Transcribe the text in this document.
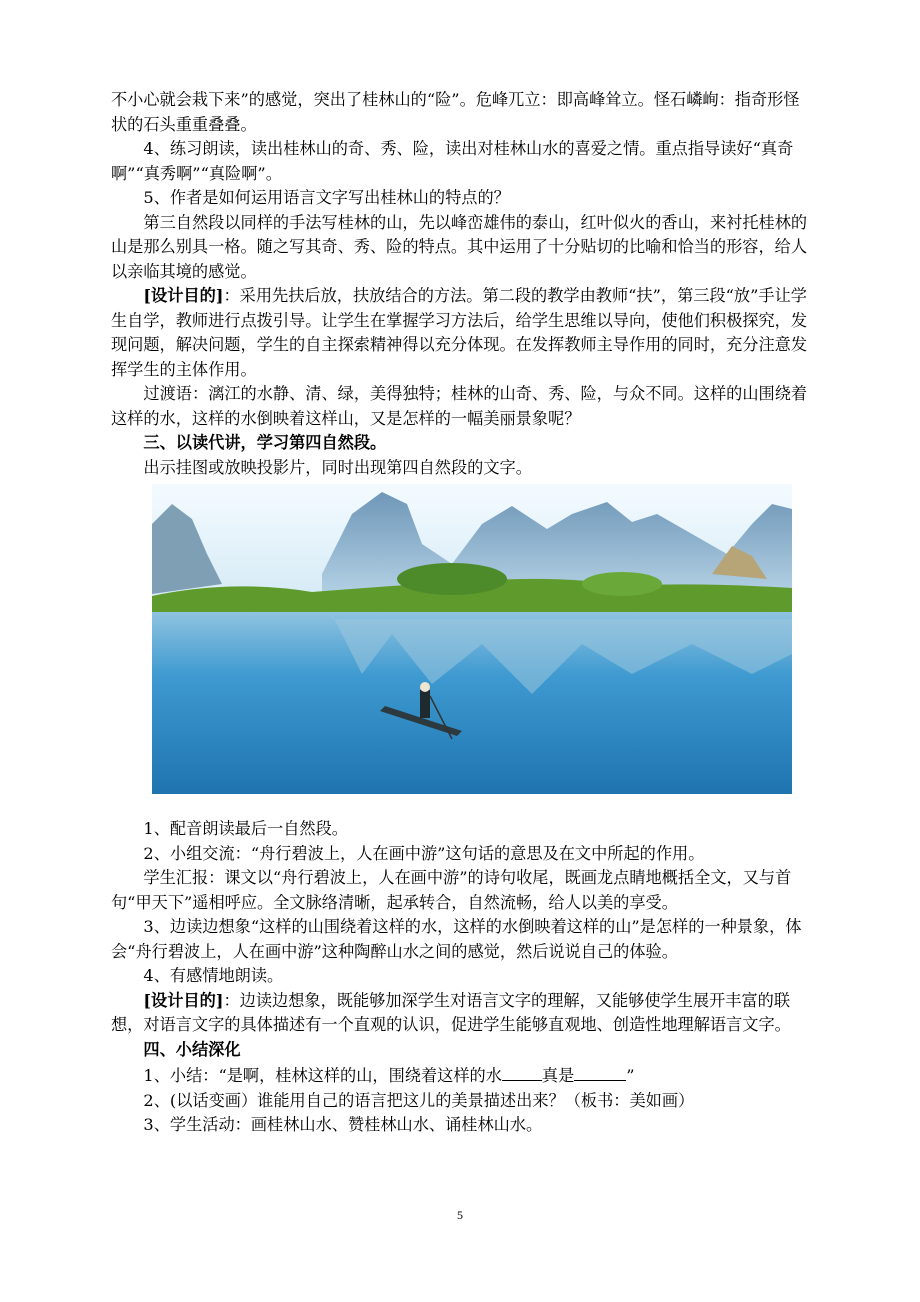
不小心就会栽下来”的感觉，突出了桂林山的“险”。危峰兀立：即高峰耸立。怪石嶙峋：指奇形怪状的石头重重叠叠。

4、练习朗读，读出桂林山的奇、秀、险，读出对桂林山水的喜爱之情。重点指导读好“真奇啊”“真秀啊”“真险啊”。

5、作者是如何运用语言文字写出桂林山的特点的？

第三自然段以同样的手法写桂林的山，先以峰峦雄伟的泰山，红叶似火的香山，来衬托桂林的山是那么别具一格。随之写其奇、秀、险的特点。其中运用了十分贴切的比喻和恰当的形容，给人以亲临其境的感觉。

[设计目的]：采用先扶后放，扶放结合的方法。第二段的教学由教师“扶”，第三段“放”手让学生自学，教师进行点拨引导。让学生在掌握学习方法后，给学生思维以导向，使他们积极探究，发现问题，解决问题，学生的自主探索精神得以充分体现。在发挥教师主导作用的同时，充分注意发挥学生的主体作用。

过渡语：漓江的水静、清、绿，美得独特；桂林的山奇、秀、险，与众不同。这样的山围绕着这样的水，这样的水倒映着这样山，又是怎样的一幅美丽景象呢？

三、以读代讲，学习第四自然段。

出示挂图或放映投影片，同时出现第四自然段的文字。

1、配音朗读最后一自然段。

2、小组交流：“舟行碧波上，人在画中游”这句话的意思及在文中所起的作用。

学生汇报：课文以“舟行碧波上，人在画中游”的诗句收尾，既画龙点睛地概括全文，又与首句“甲天下”遥相呼应。全文脉络清晰，起承转合，自然流畅，给人以美的享受。

3、边读边想象“这样的山围绕着这样的水，这样的水倒映着这样的山”是怎样的一种景象，体会“舟行碧波上，人在画中游”这种陶醉山水之间的感觉，然后说说自己的体验。

4、有感情地朗读。

[设计目的]：边读边想象，既能够加深学生对语言文字的理解，又能够使学生展开丰富的联想，对语言文字的具体描述有一个直观的认识，促进学生能够直观地、创造性地理解语言文字。

四、小结深化

1、小结：“是啊，桂林这样的山，围绕着这样的水 真是	”

2、(以话变画）谁能用自己的语言把这儿的美景描述出来？（板书：美如画）

3、学生活动：画桂林山水、赞桂林山水、诵桂林山水。

5
